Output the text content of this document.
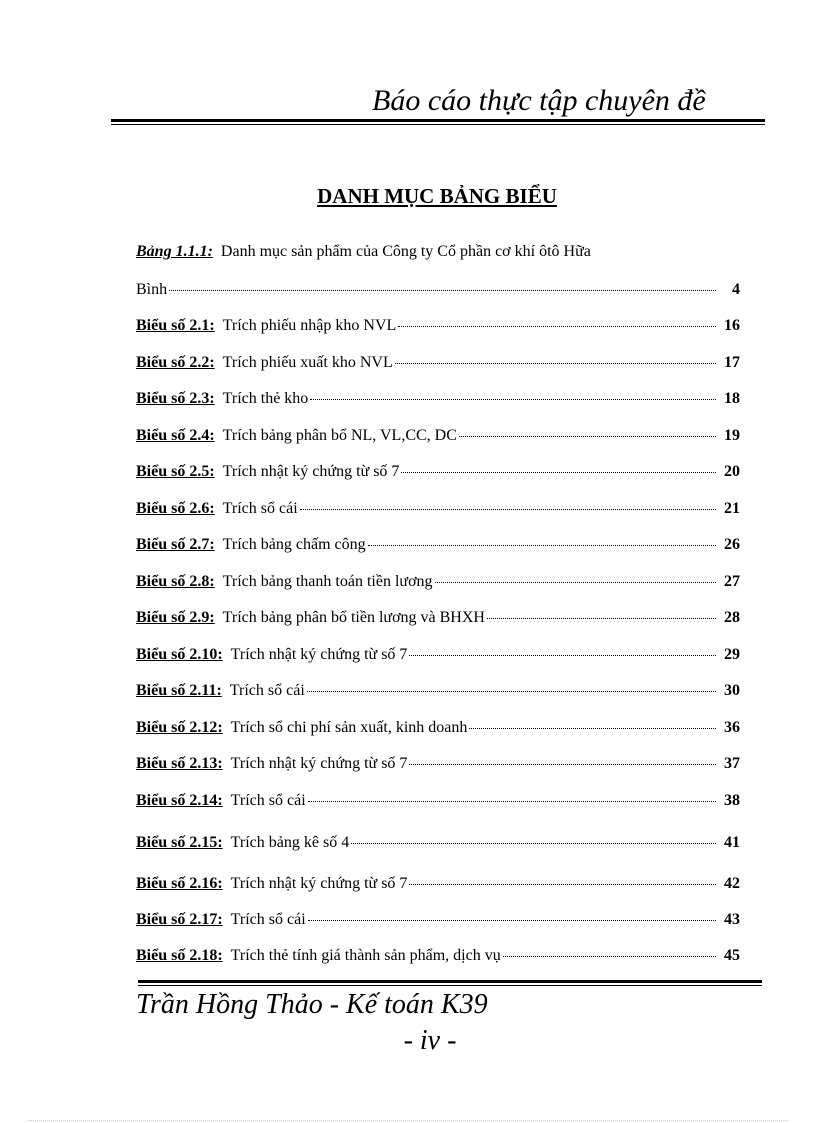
Báo cáo thực tập chuyên đề
DANH MỤC BẢNG BIỂU
Bảng 1.1.1: Danh mục sản phẩm của Công ty Cổ phần cơ khí ôtô Hữa
Bình	4
Biểu số 2.1: Trích phiếu nhập kho NVL	16
Biểu số 2.2: Trích phiếu xuất kho NVL	17
Biểu số 2.3: Trích thẻ kho	18
Biểu số 2.4: Trích bảng phân bổ NL, VL,CC, DC	19
Biểu số 2.5: Trích nhật ký chứng từ số 7	20
Biểu số 2.6: Trích sổ cái	21
Biểu số 2.7: Trích bảng chấm công	26
Biểu số 2.8: Trích bảng thanh toán tiền lương	27
Biểu số 2.9: Trích bảng phân bổ tiền lương và BHXH	28
Biểu số 2.10: Trích nhật ký chứng từ số 7	29
Biểu số 2.11: Trích sổ cái	30
Biểu số 2.12: Trích sổ chi phí sản xuất, kinh doanh	36
Biểu số 2.13: Trích nhật ký chứng từ số 7	37
Biểu số 2.14: Trích sổ cái	38
Biểu số 2.15: Trích bảng kê số 4	41
Biểu số 2.16: Trích nhật ký chứng từ số 7	42
Biểu số 2.17: Trích sổ cái	43
Biểu số 2.18: Trích thẻ tính giá thành sản phẩm, dịch vụ	45
Trần Hồng Thảo - Kế toán K39
- iv -
